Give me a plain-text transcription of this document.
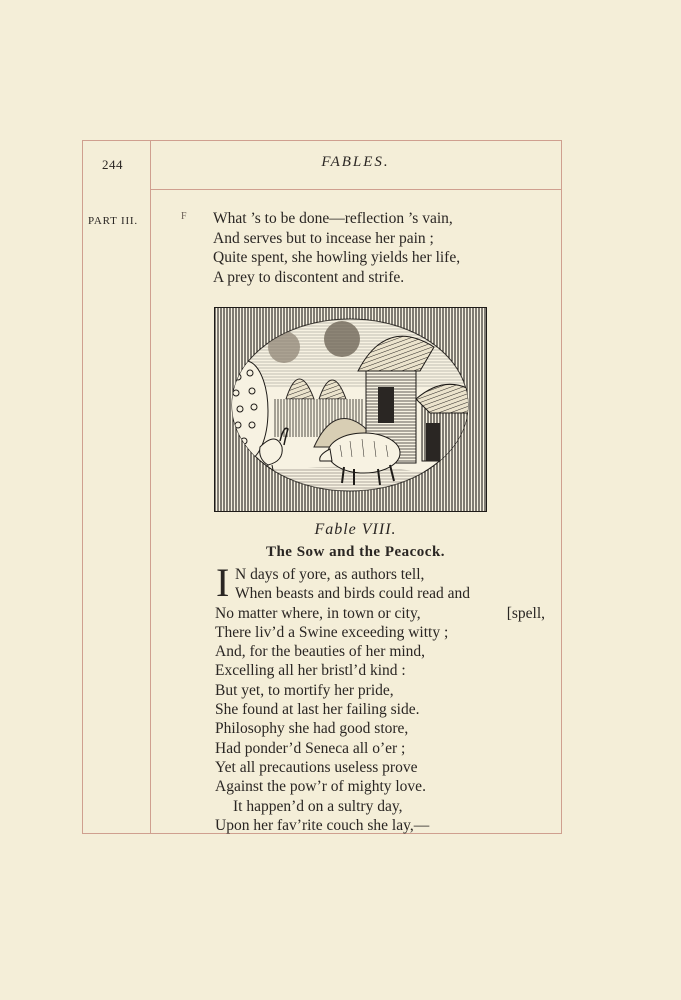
244	FABLES.
PART III.	F What ’s to be done—reflection ’s vain,
And serves but to incease her pain ;
Quite spent, she howling yields her life,
A prey to discontent and strife.
Fable VIII.
The Sow and the Peacock.
I N days of yore, as authors tell,
When beasts and birds could read and
No matter where, in town or city,	[spell,
There liv’d a Swine exceeding witty ;
And, for the beauties of her mind,
Excelling all her bristl’d kind :
But yet, to mortify her pride,
She found at last her failing side.
Philosophy she had good store,
Had ponder’d Seneca all o’er ;
Yet all precautions useless prove
Against the pow’r of mighty love.
It happen’d on a sultry day,
Upon her fav’rite couch she lay,—
